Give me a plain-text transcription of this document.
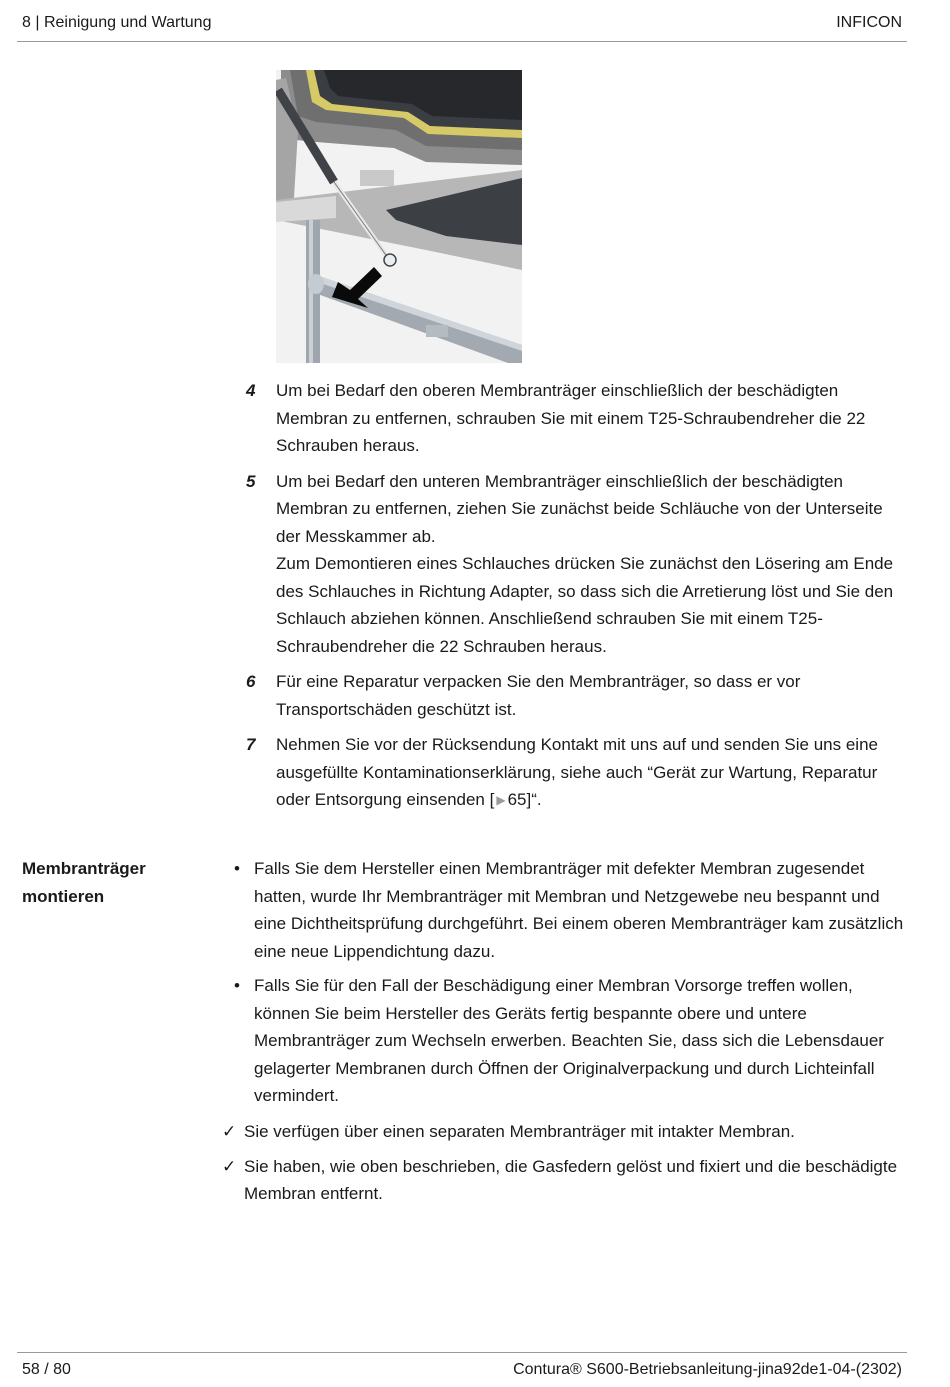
8 | Reinigung und Wartung	INFICON
4 Um bei Bedarf den oberen Membranträger einschließlich der beschädigten Membran zu entfernen, schrauben Sie mit einem T25-Schraubendreher die 22 Schrauben heraus.

5 Um bei Bedarf den unteren Membranträger einschließlich der beschädigten Membran zu entfernen, ziehen Sie zunächst beide Schläuche von der Unterseite der Messkammer ab.

Zum Demontieren eines Schlauches drücken Sie zunächst den Lösering am Ende des Schlauches in Richtung Adapter, so dass sich die Arretierung löst und Sie den Schlauch abziehen können. Anschließend schrauben Sie mit einem T25-Schraubendreher die 22 Schrauben heraus.

6 Für eine Reparatur verpacken Sie den Membranträger, so dass er vor Transportschäden geschützt ist.

7 Nehmen Sie vor der Rücksendung Kontakt mit uns auf und senden Sie uns eine ausgefüllte Kontaminationserklärung, siehe auch “Gerät zur Wartung, Reparatur oder Entsorgung einsenden [ ▶ 65]“.

Membranträger
montieren
• Falls Sie dem Hersteller einen Membranträger mit defekter Membran zugesendet hatten, wurde Ihr Membranträger mit Membran und Netzgewebe neu bespannt und eine Dichtheitsprüfung durchgeführt. Bei einem oberen Membranträger kam zusätzlich eine neue Lippendichtung dazu.
• Falls Sie für den Fall der Beschädigung einer Membran Vorsorge treffen wollen, können Sie beim Hersteller des Geräts fertig bespannte obere und untere Membranträger zum Wechseln erwerben. Beachten Sie, dass sich die Lebensdauer gelagerter Membranen durch Öffnen der Originalverpackung und durch Lichteinfall vermindert.
✓ Sie verfügen über einen separaten Membranträger mit intakter Membran.
✓ Sie haben, wie oben beschrieben, die Gasfedern gelöst und fixiert und die beschädigte Membran entfernt.
58 / 80	Contura® S600-Betriebsanleitung-jina92de1-04-(2302)
